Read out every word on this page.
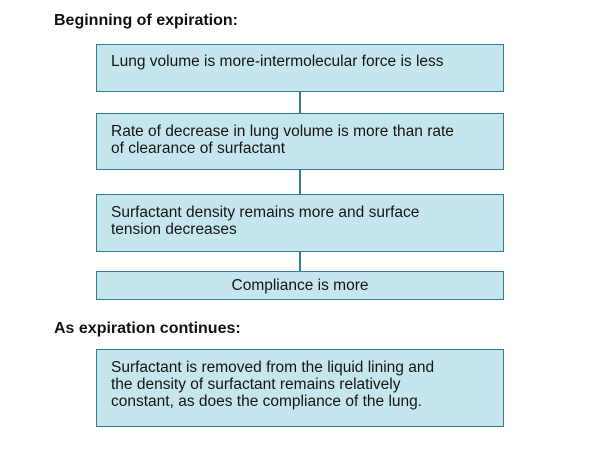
Beginning of expiration:
Lung volume is more-intermolecular force is less
Rate of decrease in lung volume is more than rate of clearance of surfactant
Surfactant density remains more and surface tension decreases
Compliance is more
As expiration continues:
Surfactant is removed from the liquid lining and the density of surfactant remains relatively constant, as does the compliance of the lung.
